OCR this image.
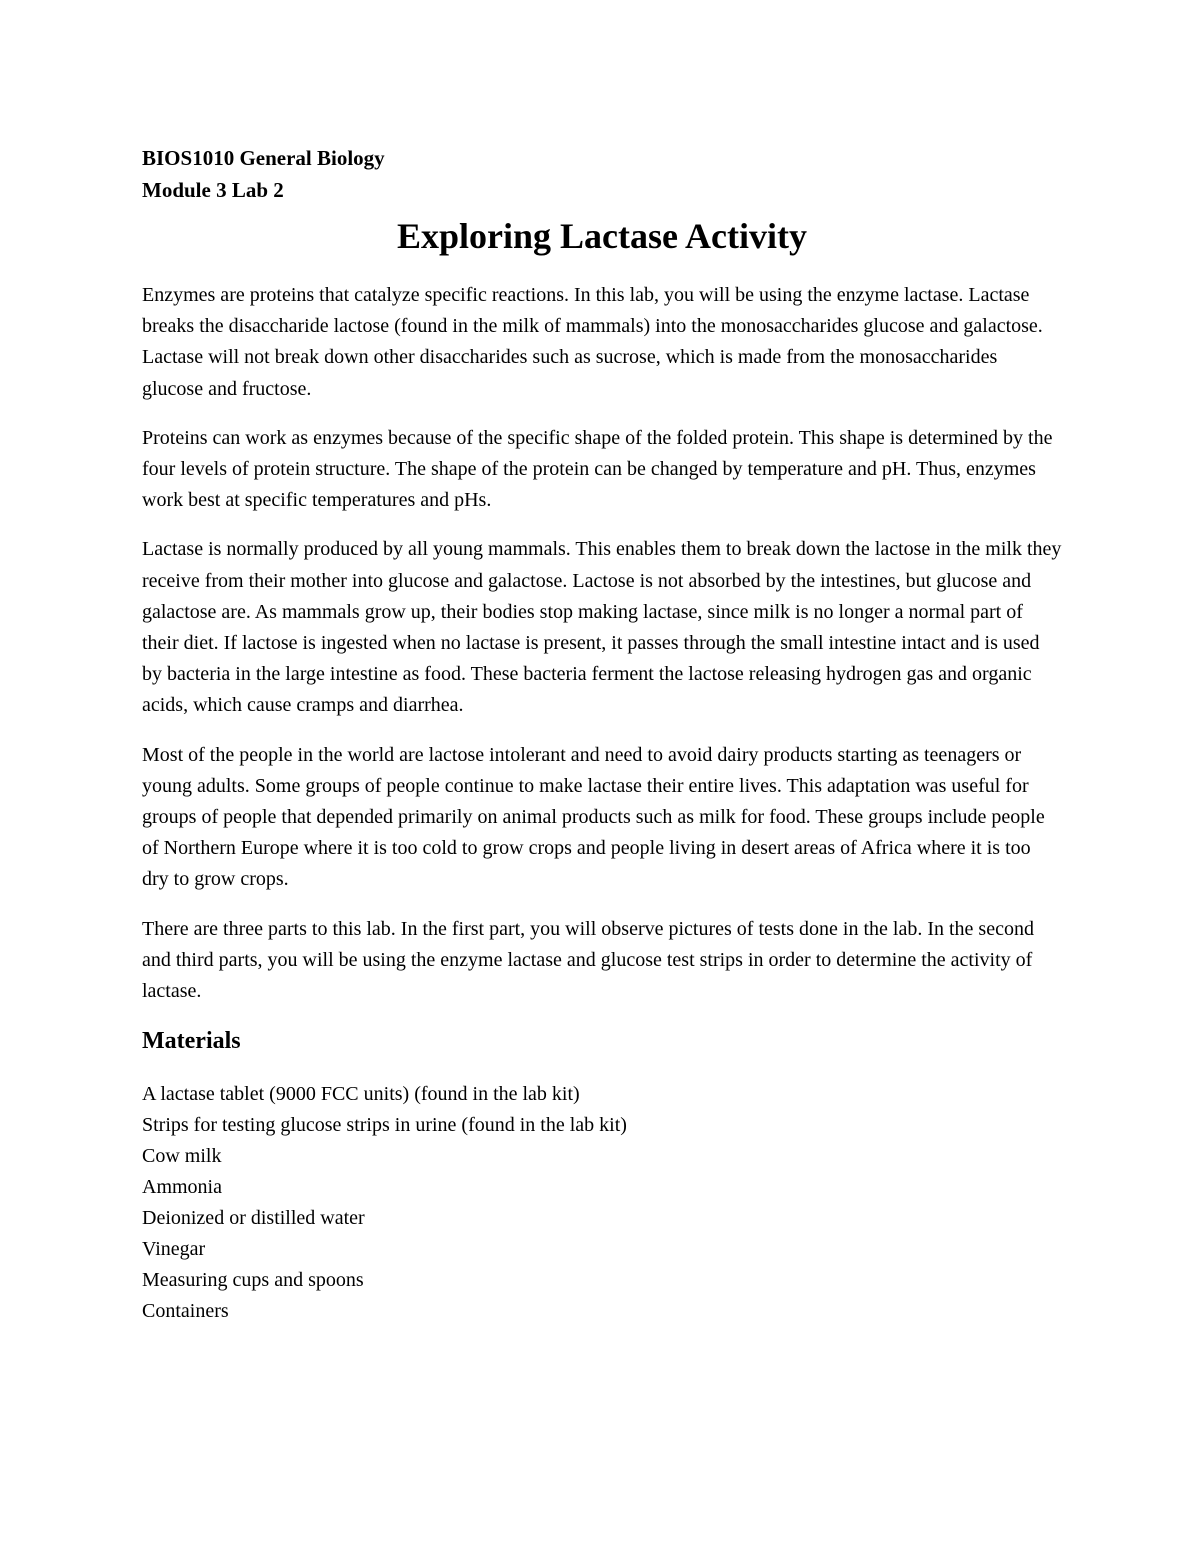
BIOS1010 General Biology

Module 3 Lab 2

Exploring Lactase Activity

Enzymes are proteins that catalyze specific reactions. In this lab, you will be using the enzyme lactase. Lactase breaks the disaccharide lactose (found in the milk of mammals) into the monosaccharides glucose and galactose. Lactase will not break down other disaccharides such as sucrose, which is made from the monosaccharides glucose and fructose.

Proteins can work as enzymes because of the specific shape of the folded protein. This shape is determined by the four levels of protein structure. The shape of the protein can be changed by temperature and pH. Thus, enzymes work best at specific temperatures and pHs.

Lactase is normally produced by all young mammals. This enables them to break down the lactose in the milk they receive from their mother into glucose and galactose. Lactose is not absorbed by the intestines, but glucose and galactose are. As mammals grow up, their bodies stop making lactase, since milk is no longer a normal part of their diet. If lactose is ingested when no lactase is present, it passes through the small intestine intact and is used by bacteria in the large intestine as food. These bacteria ferment the lactose releasing hydrogen gas and organic acids, which cause cramps and diarrhea.

Most of the people in the world are lactose intolerant and need to avoid dairy products starting as teenagers or young adults. Some groups of people continue to make lactase their entire lives. This adaptation was useful for groups of people that depended primarily on animal products such as milk for food. These groups include people of Northern Europe where it is too cold to grow crops and people living in desert areas of Africa where it is too dry to grow crops.

There are three parts to this lab. In the first part, you will observe pictures of tests done in the lab. In the second and third parts, you will be using the enzyme lactase and glucose test strips in order to determine the activity of lactase.

Materials
A lactase tablet (9000 FCC units) (found in the lab kit)
Strips for testing glucose strips in urine (found in the lab kit)
Cow milk
Ammonia
Deionized or distilled water
Vinegar
Measuring cups and spoons
Containers
